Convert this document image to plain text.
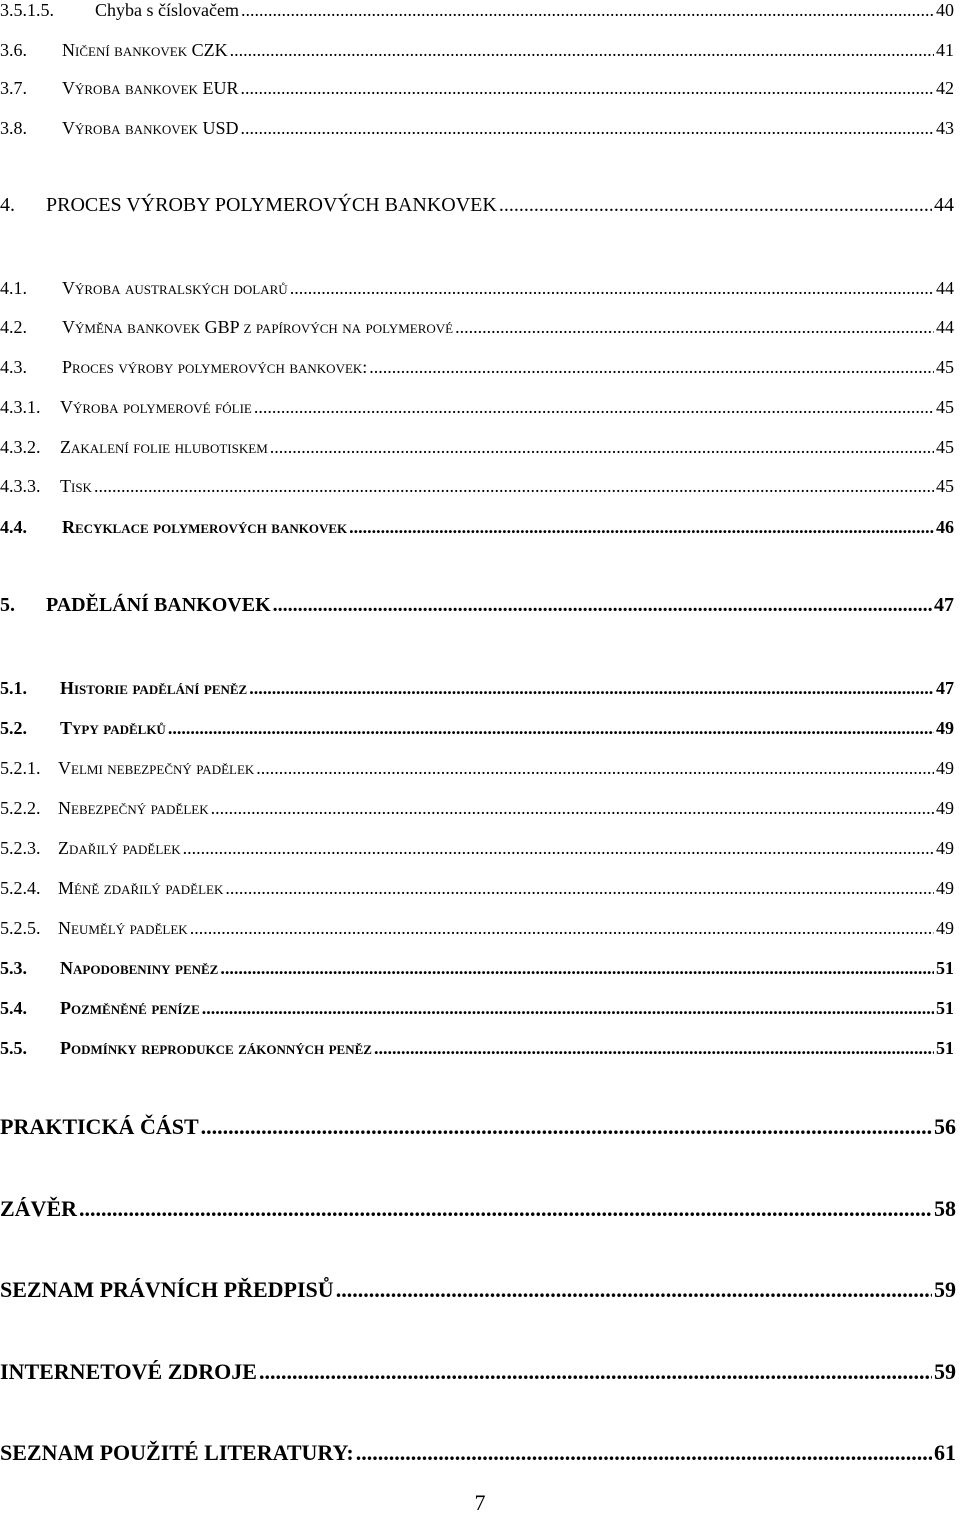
3.5.1.5.	Chyba s číslovačem .....	40
3.6.	Ničení bankovek CZK .....	41
3.7.	Výroba bankovek EUR .....	42
3.8.	Výroba bankovek USD .....	43
4.	PROCES VÝROBY POLYMEROVÝCH BANKOVEK .....	44
4.1.	Výroba australských dolarů .....	44
4.2.	Výměna bankovek GBP z papírových na polymerové .....	44
4.3.	Proces výroby polymerových bankovek: .....	45
4.3.1.	Výroba polymerové fólie .....	45
4.3.2.	Zakalení folie hlubotiskem .....	45
4.3.3.	Tisk .....	45
4.4.	Recyklace polymerových bankovek .....	46
5.	PADĚLÁNÍ BANKOVEK .....	47
5.1.	Historie padělání peněz .....	47
5.2.	Typy padělků .....	49
5.2.1. Velmi nebezpečný padělek .....	49
5.2.2. Nebezpečný padělek .....	49
5.2.3. Zdařilý padělek .....	49
5.2.4. Méně zdařilý padělek .....	49
5.2.5. Neumělý padělek .....	49
5.3.	Napodobeniny peněz .....	51
5.4.	Pozměněné peníze .....	51
5.5.	Podmínky reprodukce zákonných peněz .....	51
PRAKTICKÁ ČÁST .....	56
ZÁVĚR .....	58
SEZNAM PRÁVNÍCH PŘEDPISŮ .....	59
INTERNETOVÉ ZDROJE .....	59
SEZNAM POUŽITÉ LITERATURY: .....	61
7
